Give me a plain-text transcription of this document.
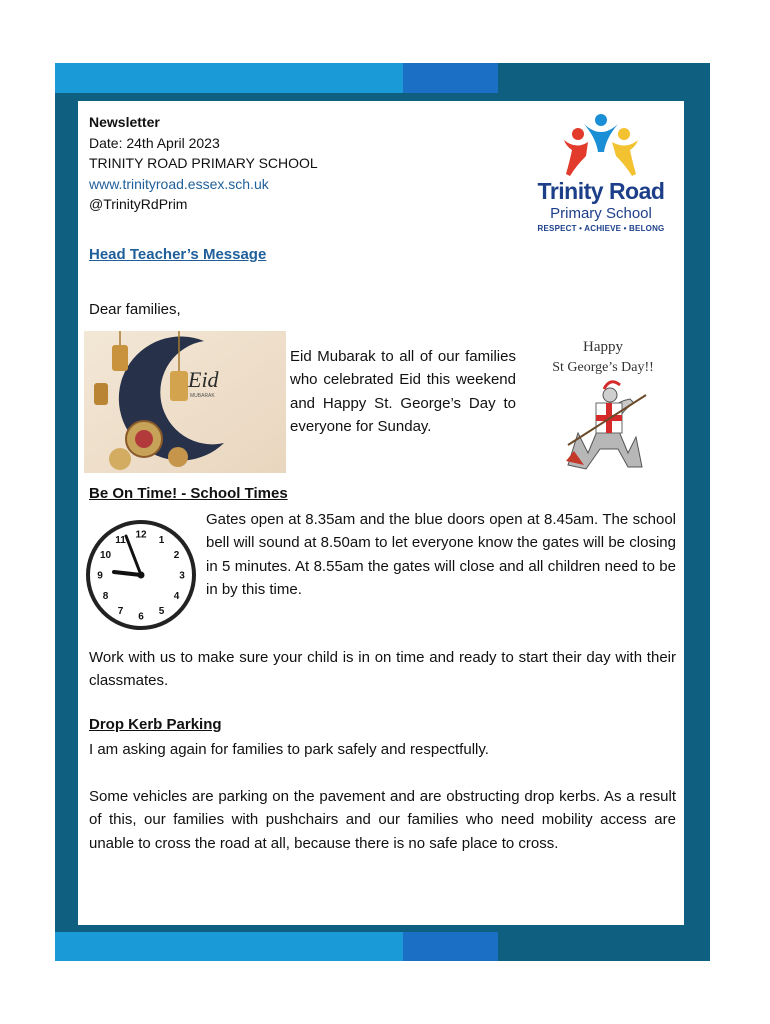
Newsletter
Date: 24th April 2023
TRINITY ROAD PRIMARY SCHOOL
www.trinityroad.essex.sch.uk
@TrinityRdPrim	Trinity Road
Primary School
RESPECT • ACHIEVE • BELONG
Head Teacher’s Message
Dear families,
Eid
MUBARAK
Eid Mubarak to all of our families who celebrated Eid this weekend and Happy St. George’s Day to everyone for Sunday.
Happy
St George’s Day!!
Be On Time! - School Times
12 1
2
3
4
5
6
7
8
9
10
11
Gates open at 8.35am and the blue doors open at 8.45am. The school bell will sound at 8.50am to let everyone know the gates will be closing in 5 minutes. At 8.55am the gates will close and all children need to be in by this time.
Work with us to make sure your child is in on time and ready to start their day with their classmates.
Drop Kerb Parking
I am asking again for families to park safely and respectfully.
Some vehicles are parking on the pavement and are obstructing drop kerbs. As a result of this, our families with pushchairs and our families who need mobility access are unable to cross the road at all, because there is no safe place to cross.
